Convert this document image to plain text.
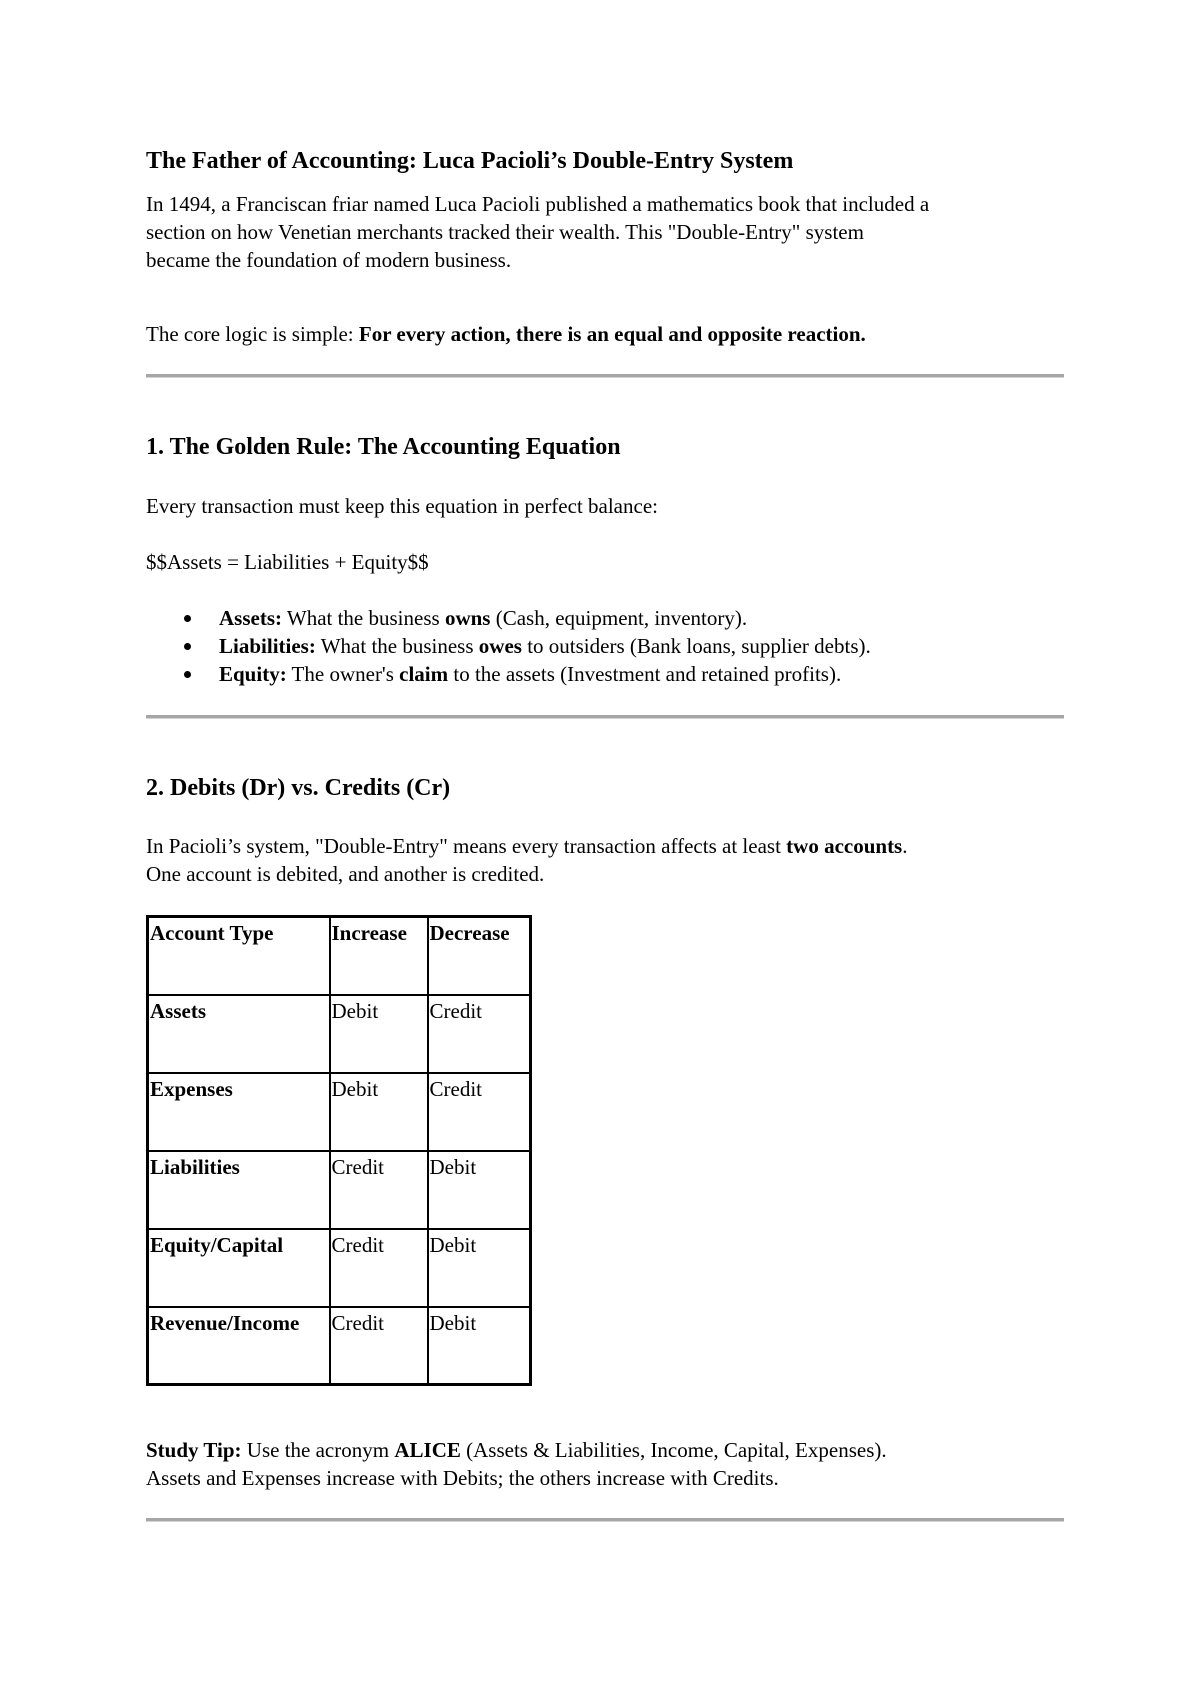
The Father of Accounting: Luca Pacioli’s Double-Entry System

In 1494, a Franciscan friar named Luca Pacioli published a mathematics book that included a
section on how Venetian merchants tracked their wealth. This "Double-Entry" system
became the foundation of modern business.

The core logic is simple: For every action, there is an equal and opposite reaction.

1. The Golden Rule: The Accounting Equation

Every transaction must keep this equation in perfect balance:

$$Assets = Liabilities + Equity$$

Assets: What the business owns (Cash, equipment, inventory).
Liabilities: What the business owes to outsiders (Bank loans, supplier debts).
Equity: The owner's claim to the assets (Investment and retained profits).
2. Debits (Dr) vs. Credits (Cr)

In Pacioli’s system, "Double-Entry" means every transaction affects at least two accounts.
One account is debited, and another is credited.

Account Type	Increase	Decrease
Assets	Debit	Credit
Expenses	Debit	Credit
Liabilities	Credit	Debit
Equity/Capital	Credit	Debit
Revenue/Income	Credit	Debit

Study Tip: Use the acronym ALICE (Assets & Liabilities, Income, Capital, Expenses).
Assets and Expenses increase with Debits; the others increase with Credits.
